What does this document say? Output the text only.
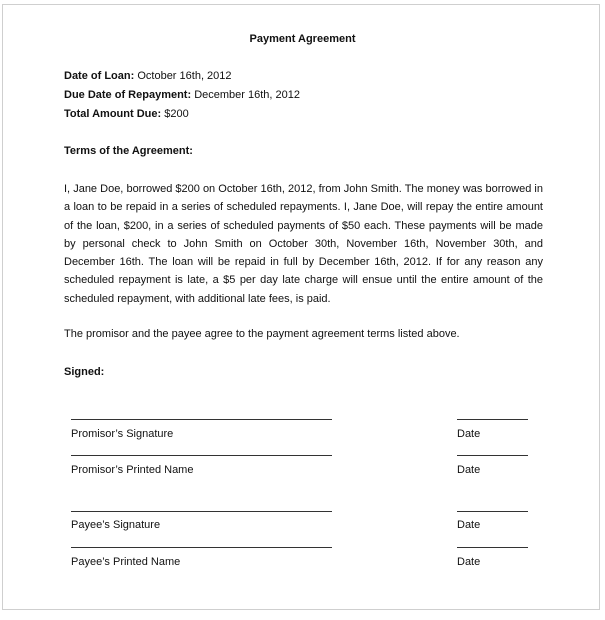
Payment Agreement
Date of Loan: October 16th, 2012
Due Date of Repayment: December 16th, 2012
Total Amount Due: $200
Terms of the Agreement:
I, Jane Doe, borrowed $200 on October 16th, 2012, from John Smith. The money was borrowed in a loan to be repaid in a series of scheduled repayments. I, Jane Doe, will repay the entire amount of the loan, $200, in a series of scheduled payments of $50 each. These payments will be made by personal check to John Smith on October 30th, November 16th, November 30th, and December 16th. The loan will be repaid in full by December 16th, 2012. If for any reason any scheduled repayment is late, a $5 per day late charge will ensue until the entire amount of the scheduled repayment, with additional late fees, is paid.
The promisor and the payee agree to the payment agreement terms listed above.
Signed:
Promisor’s Signature	Date
Promisor’s Printed Name	Date
Payee’s Signature	Date
Payee’s Printed Name	Date
